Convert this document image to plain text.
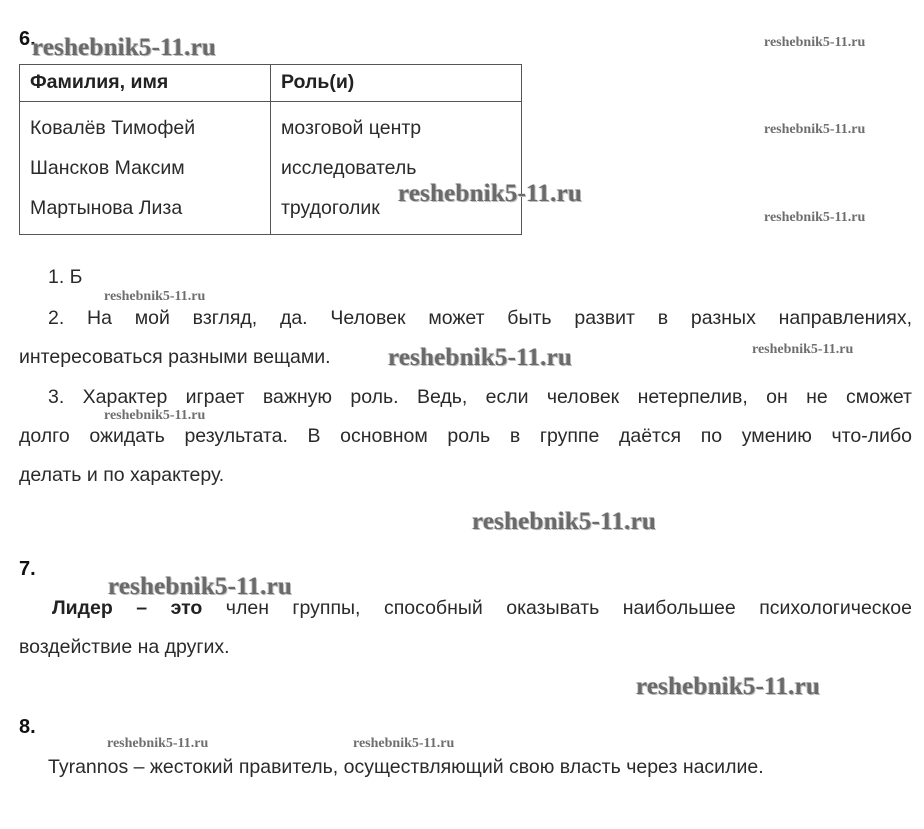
6.
Фамилия, имя	Роль(и)
Ковалёв Тимофей	мозговой центр
Шансков Максим	исследователь
Мартынова Лиза	трудоголик
1. Б
2. На мой взгляд, да. Человек может быть развит в разных направлениях,
интересоваться разными вещами.
3. Характер играет важную роль. Ведь, если человек нетерпелив, он не сможет
долго ожидать результата. В основном роль в группе даётся по умению что-либо
делать и по характеру.
7.
Лидер – это член группы, способный оказывать наибольшее психологическое
воздействие на других.
8.
Tyrannos – жестокий правитель, осуществляющий свою власть через насилие.
reshebnik5-11.ru	reshebnik5-11.ru
reshebnik5-11.ru
reshebnik5-11.ru
reshebnik5-11.ru
reshebnik5-11.ru
reshebnik5-11.ru
reshebnik5-11.ru
reshebnik5-11.ru
reshebnik5-11.ru
reshebnik5-11.ru
reshebnik5-11.ru
reshebnik5-11.ru	reshebnik5-11.ru
